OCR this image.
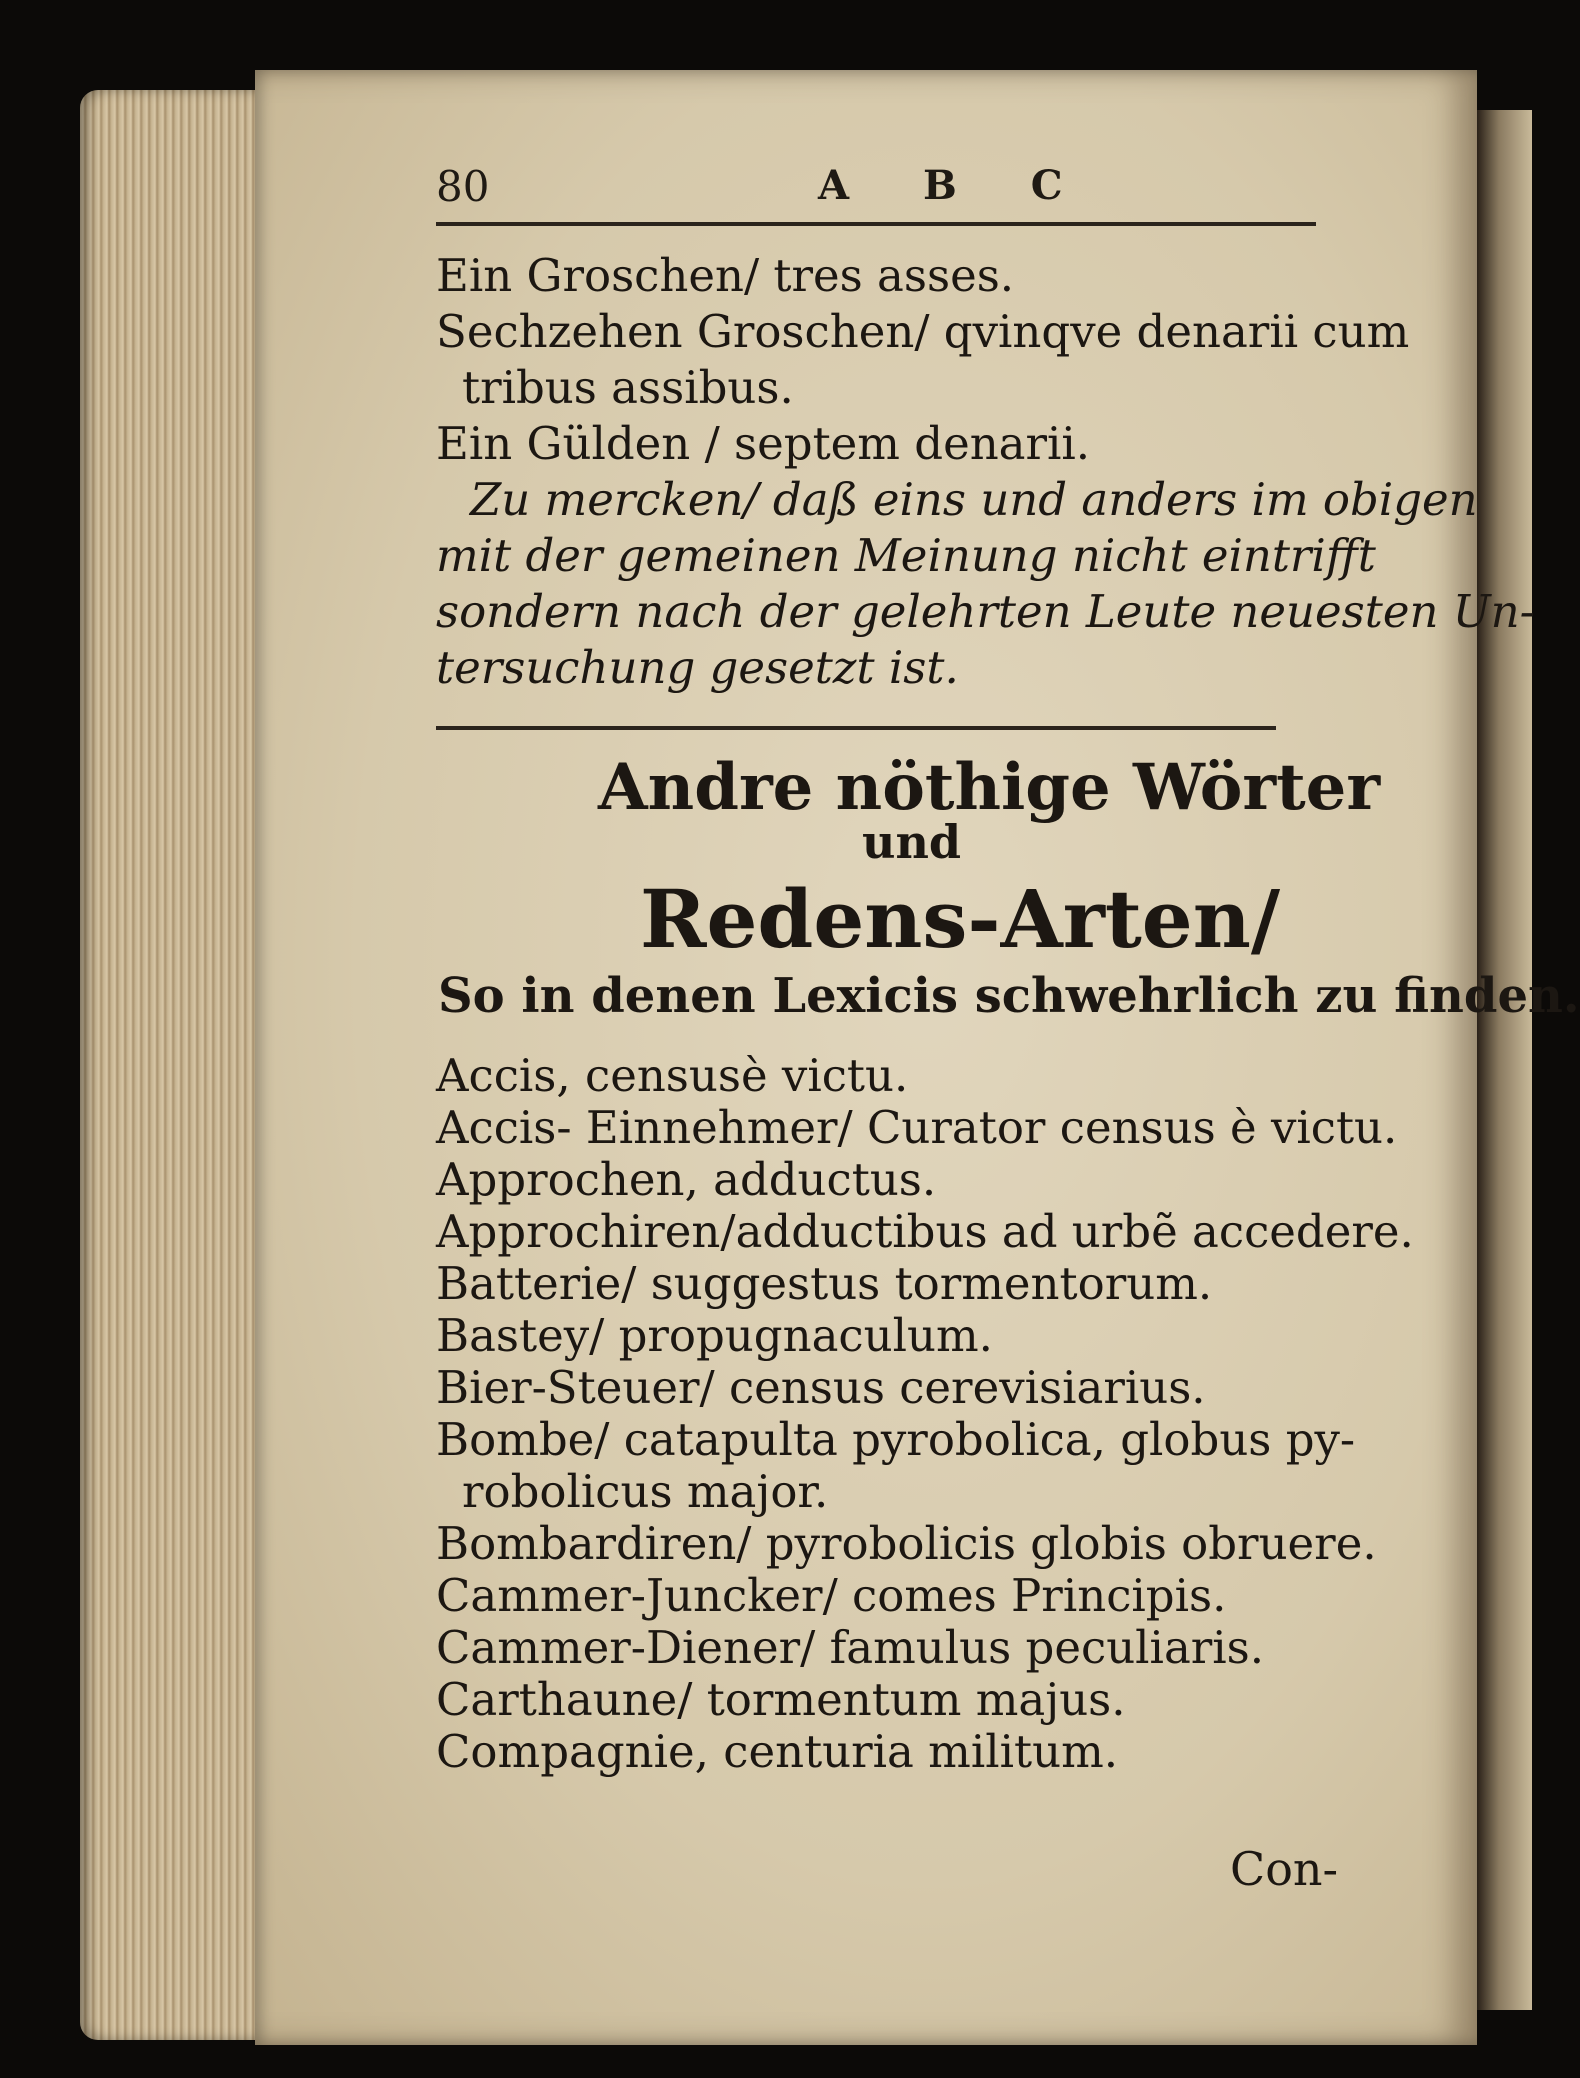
80	A B C
Ein Groschen/ tres asses.
Sechzehen Groschen/ qvinqve denarii cum
tribus assibus.
Ein Gülden / septem denarii.
Zu mercken/ daß eins und anders im obigen
mit der gemeinen Meinung nicht eintrifft
sondern nach der gelehrten Leute neuesten Un-
tersuchung gesetzt ist.
Andre nöthige Wörter
und
Redens-Arten/
So in denen Lexicis schwehrlich zu finden.
Accis, censusè victu.
Accis- Einnehmer/ Curator census è victu.
Approchen, adductus.
Approchiren/adductibus ad urbẽ accedere.
Batterie/ suggestus tormentorum.
Bastey/ propugnaculum.
Bier-Steuer/ census cerevisiarius.
Bombe/ catapulta pyrobolica, globus py-
robolicus major.
Bombardiren/ pyrobolicis globis obruere.
Cammer-Juncker/ comes Principis.
Cammer-Diener/ famulus peculiaris.
Carthaune/ tormentum majus.
Compagnie, centuria militum.
Con-
